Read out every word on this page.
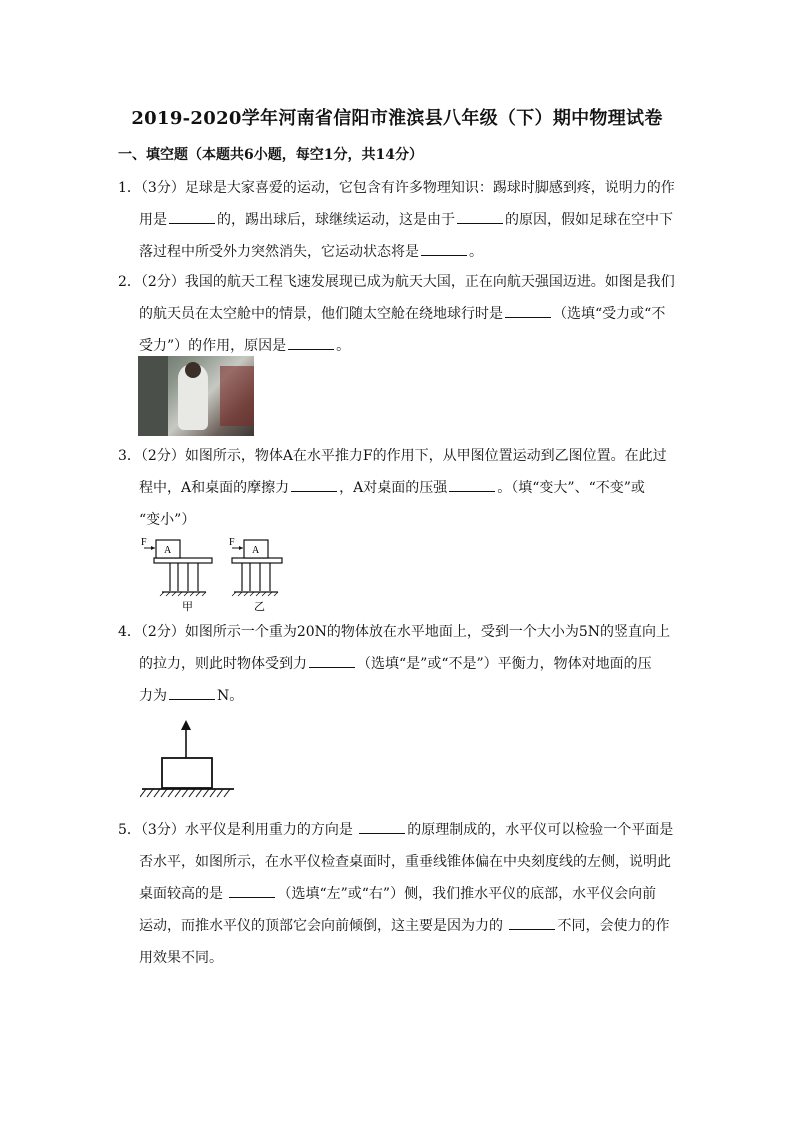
2019-2020学年河南省信阳市淮滨县八年级（下）期中物理试卷
一、填空题（本题共6小题，每空1分，共14分）
1．（3分）足球是大家喜爱的运动，它包含有许多物理知识：踢球时脚感到疼，说明力的作
用是	的，踢出球后，球继续运动，这是由于	的原因，假如足球在空中下
落过程中所受外力突然消失，它运动状态将是	。
2．（2分）我国的航天工程飞速发展现已成为航天大国，正在向航天强国迈进。如图是我们
的航天员在太空舱中的情景，他们随太空舱在绕地球行时是	（选填“受力或“不
受力”）的作用，原因是	。
3．（2分）如图所示，物体A在水平推力F的作用下，从甲图位置运动到乙图位置。在此过
程中，A和桌面的摩擦力	，A对桌面的压强	。（填“变大”、“不变”或
“变小”）
F
A
甲
F
A
乙
4．（2分）如图所示一个重为20N的物体放在水平地面上，受到一个大小为5N的竖直向上
的拉力，则此时物体受到力	（选填“是”或“不是”）平衡力，物体对地面的压
力为	N。
5．（3分）水平仪是利用重力的方向是	的原理制成的，水平仪可以检验一个平面是
否水平，如图所示，在水平仪检查桌面时，重垂线锥体偏在中央刻度线的左侧，说明此
桌面较高的是	（选填“左”或“右”）侧，我们推水平仪的底部，水平仪会向前
运动，而推水平仪的顶部它会向前倾倒，这主要是因为力的	不同，会使力的作
用效果不同。
